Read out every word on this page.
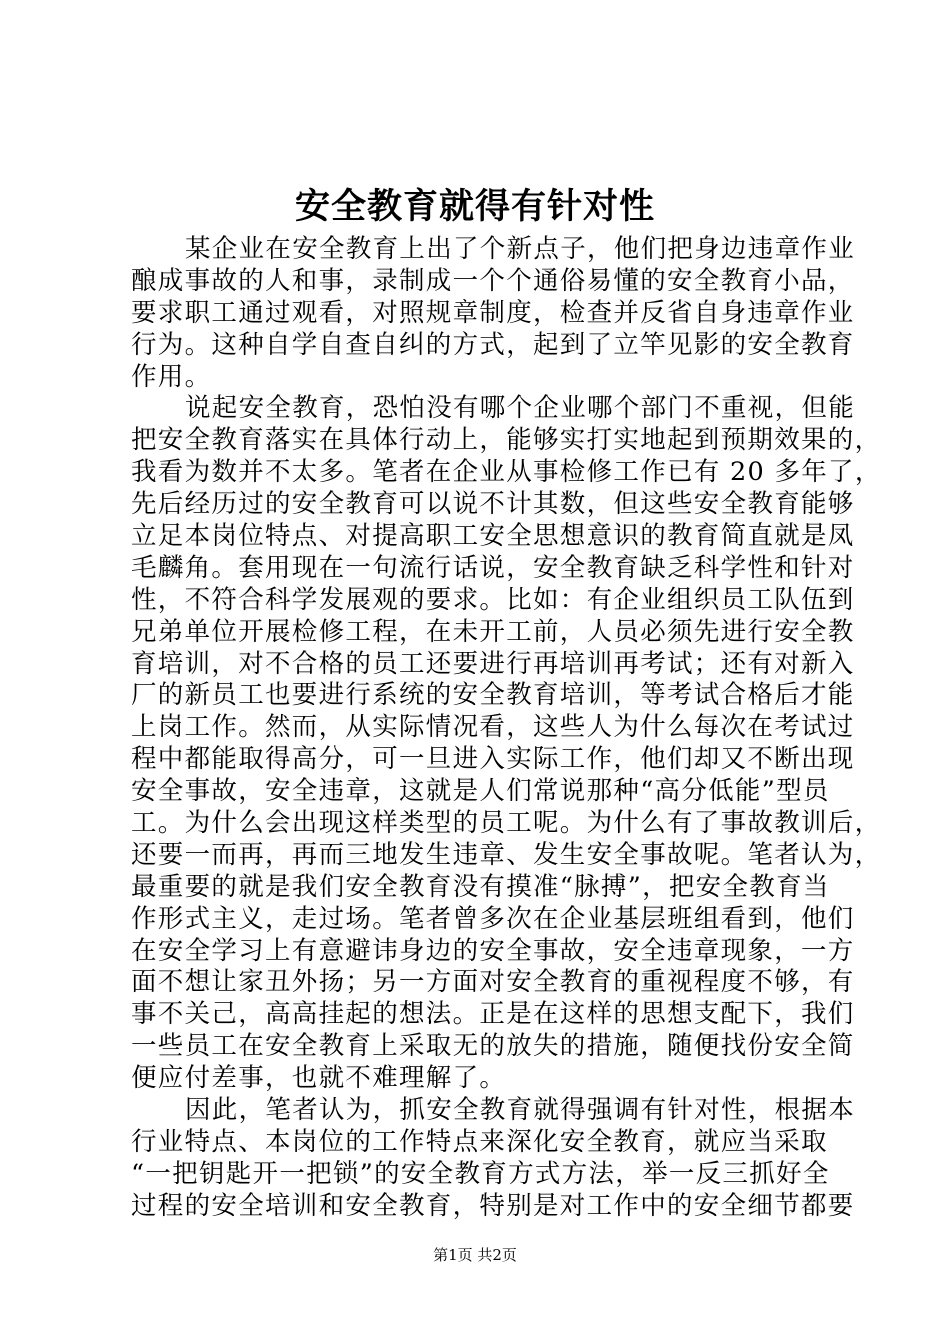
安全教育就得有针对性
某企业在安全教育上出了个新点子，他们把身边违章作业
酿成事故的人和事，录制成一个个通俗易懂的安全教育小品，
要求职工通过观看，对照规章制度，检查并反省自身违章作业
行为。这种自学自查自纠的方式，起到了立竿见影的安全教育
作用。
说起安全教育，恐怕没有哪个企业哪个部门不重视，但能
把安全教育落实在具体行动上，能够实打实地起到预期效果的，
我看为数并不太多。笔者在企业从事检修工作已有 20 多年了，
先后经历过的安全教育可以说不计其数，但这些安全教育能够
立足本岗位特点、对提高职工安全思想意识的教育简直就是凤
毛麟角。套用现在一句流行话说，安全教育缺乏科学性和针对
性，不符合科学发展观的要求。比如：有企业组织员工队伍到
兄弟单位开展检修工程，在未开工前，人员必须先进行安全教
育培训，对不合格的员工还要进行再培训再考试；还有对新入
厂的新员工也要进行系统的安全教育培训，等考试合格后才能
上岗工作。然而，从实际情况看，这些人为什么每次在考试过
程中都能取得高分，可一旦进入实际工作，他们却又不断出现
安全事故，安全违章，这就是人们常说那种“高分低能”型员
工。为什么会出现这样类型的员工呢。为什么有了事故教训后，
还要一而再，再而三地发生违章、发生安全事故呢。笔者认为，
最重要的就是我们安全教育没有摸准“脉搏”，把安全教育当
作形式主义，走过场。笔者曾多次在企业基层班组看到，他们
在安全学习上有意避讳身边的安全事故，安全违章现象，一方
面不想让家丑外扬；另一方面对安全教育的重视程度不够，有
事不关己，高高挂起的想法。正是在这样的思想支配下，我们
一些员工在安全教育上采取无的放失的措施，随便找份安全简
便应付差事，也就不难理解了。
因此，笔者认为，抓安全教育就得强调有针对性，根据本
行业特点、本岗位的工作特点来深化安全教育，就应当采取
“一把钥匙开一把锁”的安全教育方式方法，举一反三抓好全
过程的安全培训和安全教育，特别是对工作中的安全细节都要
第1页 共2页
